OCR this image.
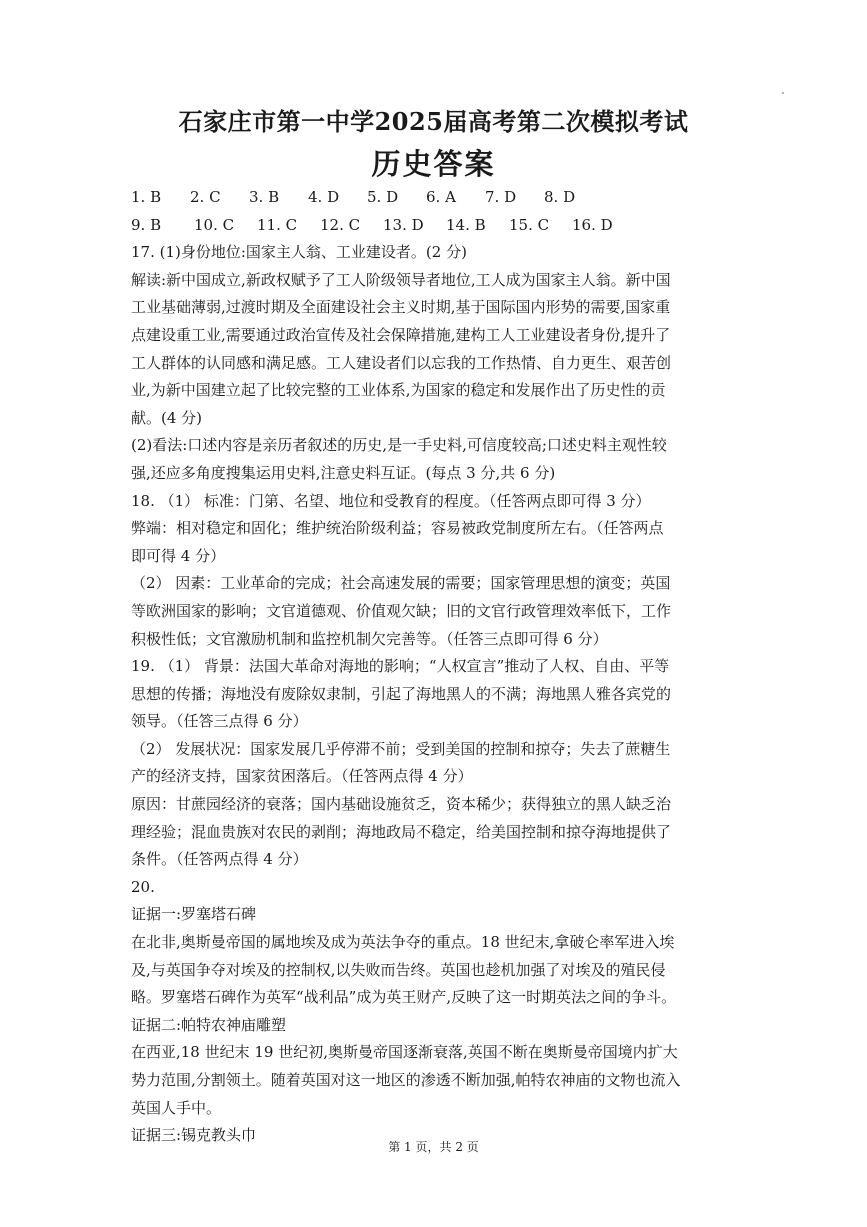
石家庄市第一中学2025届高考第二次模拟考试
历史答案
1. B	2. C	3. B	4. D	5. D	6. A	7. D	8. D
9. B	10. C	11. C	12. C	13. D	14. B	15. C	16. D
17. (1)身份地位:国家主人翁、工业建设者。(2 分)
解读:新中国成立,新政权赋予了工人阶级领导者地位,工人成为国家主人翁。新中国
工业基础薄弱,过渡时期及全面建设社会主义时期,基于国际国内形势的需要,国家重
点建设重工业,需要通过政治宣传及社会保障措施,建构工人工业建设者身份,提升了
工人群体的认同感和满足感。工人建设者们以忘我的工作热情、自力更生、艰苦创
业,为新中国建立起了比较完整的工业体系,为国家的稳定和发展作出了历史性的贡
献。(4 分)
(2)看法:口述内容是亲历者叙述的历史,是一手史料,可信度较高;口述史料主观性较
强,还应多角度搜集运用史料,注意史料互证。(每点 3 分,共 6 分)
18. （1） 标准：门第、名望、地位和受教育的程度。（任答两点即可得 3 分）
弊端：相对稳定和固化；维护统治阶级利益；容易被政党制度所左右。（任答两点
即可得 4 分）
（2） 因素：工业革命的完成；社会高速发展的需要；国家管理思想的演变；英国
等欧洲国家的影响；文官道德观、价值观欠缺；旧的文官行政管理效率低下，工作
积极性低；文官激励机制和监控机制欠完善等。（任答三点即可得 6 分）
19. （1） 背景：法国大革命对海地的影响；“人权宣言”推动了人权、自由、平等
思想的传播；海地没有废除奴隶制，引起了海地黑人的不满；海地黑人雅各宾党的
领导。（任答三点得 6 分）
（2） 发展状况：国家发展几乎停滞不前；受到美国的控制和掠夺；失去了蔗糖生
产的经济支持，国家贫困落后。（任答两点得 4 分）
原因：甘蔗园经济的衰落；国内基础设施贫乏，资本稀少；获得独立的黑人缺乏治
理经验；混血贵族对农民的剥削；海地政局不稳定，给美国控制和掠夺海地提供了
条件。（任答两点得 4 分）
20.
证据一:罗塞塔石碑
在北非,奥斯曼帝国的属地埃及成为英法争夺的重点。18 世纪末,拿破仑率军进入埃
及,与英国争夺对埃及的控制权,以失败而告终。英国也趁机加强了对埃及的殖民侵
略。罗塞塔石碑作为英军“战利品”成为英王财产,反映了这一时期英法之间的争斗。
证据二:帕特农神庙雕塑
在西亚,18 世纪末 19 世纪初,奥斯曼帝国逐渐衰落,英国不断在奥斯曼帝国境内扩大
势力范围,分割领土。随着英国对这一地区的渗透不断加强,帕特农神庙的文物也流入
英国人手中。
证据三:锡克教头巾
第 1 页，共 2 页
